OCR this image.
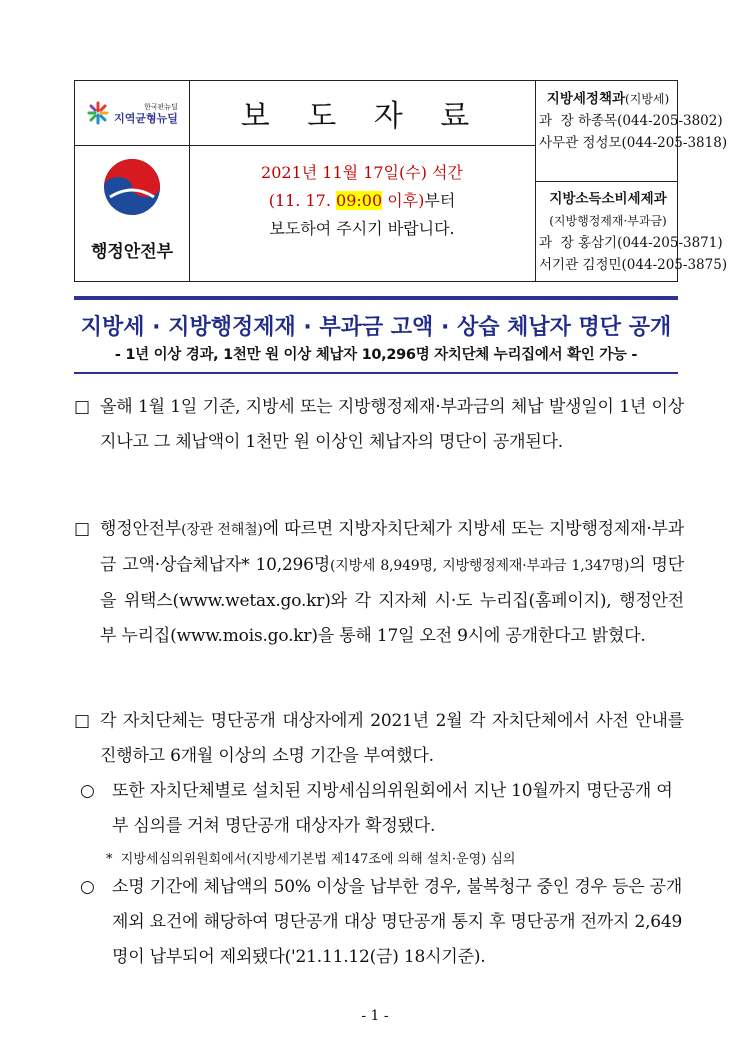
한국판뉴딜
지역균형뉴딜
행정안전부
보 도 자 료
2021년 11월 17일(수) 석간
(11. 17. 09:00 이후)부터
보도하여 주시기 바랍니다.
지방세정책과(지방세)
과  장 하종목(044-205-3802)
사무관 정성모(044-205-3818)
지방소득소비세제과
(지방행정제재·부과금)
과  장 홍삼기(044-205-3871)
서기관 김정민(044-205-3875)
지방세 · 지방행정제재 · 부과금 고액 · 상습 체납자 명단 공개
- 1년 이상 경과, 1천만 원 이상 체납자 10,296명 자치단체 누리집에서 확인 가능 -
□ 올해 1월 1일 기준, 지방세 또는 지방행정제재·부과금의 체납 발생일이 1년 이상 지나고 그 체납액이 1천만 원 이상인 체납자의 명단이 공개된다.
□ 행정안전부(장관 전해철)에 따르면 지방자치단체가 지방세 또는 지방행정제재·부과금 고액·상습체납자* 10,296명(지방세 8,949명, 지방행정제재·부과금 1,347명)의 명단을 위택스(www.wetax.go.kr)와 각 지자체 시·도 누리집(홈페이지), 행정안전부 누리집(www.mois.go.kr)을 통해 17일 오전 9시에 공개한다고 밝혔다.
□ 각 자치단체는 명단공개 대상자에게 2021년 2월 각 자치단체에서 사전 안내를 진행하고 6개월 이상의 소명 기간을 부여했다.
○ 또한 자치단체별로 설치된 지방세심의위원회에서 지난 10월까지 명단공개 여부 심의를 거쳐 명단공개 대상자가 확정됐다.
*  지방세심의위원회에서(지방세기본법 제147조에 의해 설치·운영) 심의
○ 소명 기간에 체납액의 50% 이상을 납부한 경우, 불복청구 중인 경우 등은 공개 제외 요건에 해당하여 명단공개 대상 명단공개 통지 후 명단공개 전까지 2,649명이 납부되어 제외됐다('21.11.12(금) 18시기준).
- 1 -
